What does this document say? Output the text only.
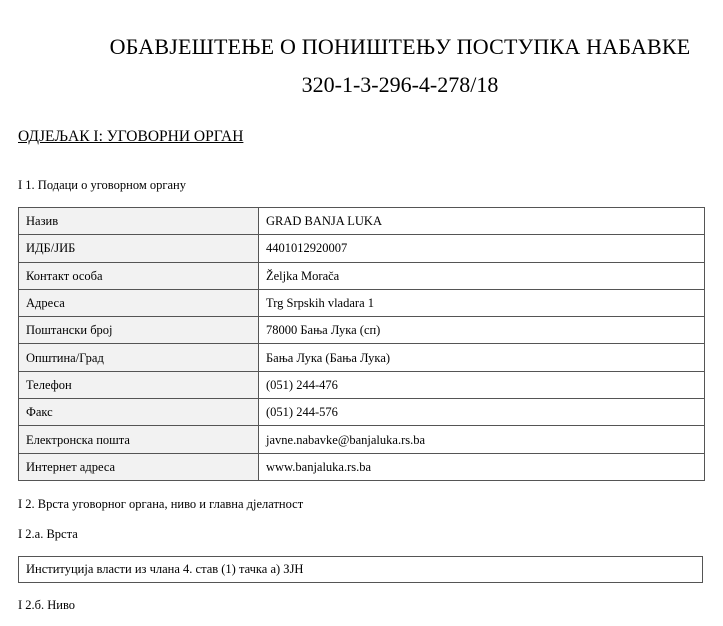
ОБАВЈЕШТЕЊЕ О ПОНИШТЕЊУ ПОСТУПКА НАБАВКЕ
320-1-3-296-4-278/18
ОДЈЕЉАК I: УГОВОРНИ ОРГАН
I 1. Подаци о уговорном органу
Назив	GRAD BANJA LUKA
ИДБ/ЈИБ	4401012920007
Контакт особа	Željka Morača
Адреса	Trg Srpskih vladara 1
Поштански број	78000 Бања Лука (сп)
Општина/Град	Бања Лука (Бања Лука)
Телефон	(051) 244-476
Факс	(051) 244-576
Електронска пошта	javne.nabavke@banjaluka.rs.ba
Интернет адреса	www.banjaluka.rs.ba
I 2. Врста уговорног органа, ниво и главна дјелатност
I 2.а. Врста
Институција власти из члана 4. став (1) тачка а) ЗЈН
I 2.б. Ниво
